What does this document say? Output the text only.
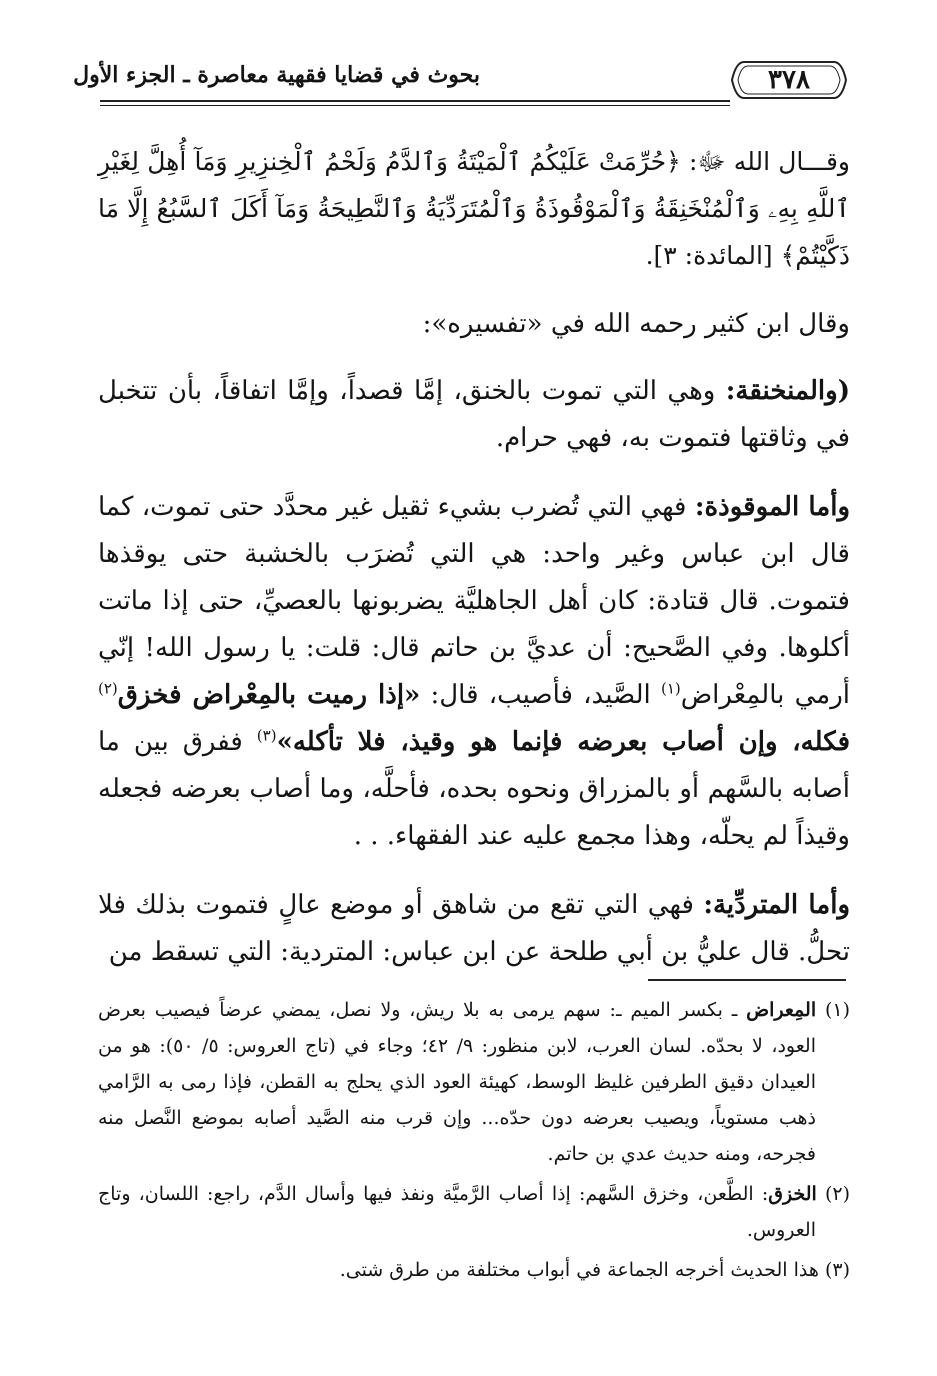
٣٧٨
بحوث في قضايا فقهية معاصرة ـ الجزء الأول

وقـــال الله ﷻ: ﴿حُرِّمَتْ عَلَيْكُمُ ٱلْمَيْتَةُ وَٱلدَّمُ وَلَحْمُ ٱلْخِنزِيرِ وَمَآ أُهِلَّ لِغَيْرِ ٱللَّهِ بِهِۦ وَٱلْمُنْخَنِقَةُ وَٱلْمَوْقُوذَةُ وَٱلْمُتَرَدِّيَةُ وَٱلنَّطِيحَةُ وَمَآ أَكَلَ ٱلسَّبُعُ إِلَّا مَا ذَكَّيْتُمْ﴾ [المائدة: ٣].

وقال ابن كثير رحمه الله في «تفسيره»:

(والمنخنقة: وهي التي تموت بالخنق، إمَّا قصداً، وإمَّا اتفاقاً، بأن تتخبل في وثاقتها فتموت به، فهي حرام.

وأما الموقوذة: فهي التي تُضرب بشيء ثقيل غير محدَّد حتى تموت، كما قال ابن عباس وغير واحد: هي التي تُضرَب بالخشبة حتى يوقذها فتموت. قال قتادة: كان أهل الجاهليَّة يضربونها بالعصيِّ، حتى إذا ماتت أكلوها. وفي الصَّحيح: أن عديَّ بن حاتم قال: قلت: يا رسول الله! إنّي أرمي بالمِعْراض$^{(١)}$ الصَّيد، فأصيب، قال: «إذا رميت بالمِعْراض فخزق$^{(٢)}$ فكله، وإن أصاب بعرضه فإنما هو وقيذ، فلا تأكله»$^{(٣)}$ ففرق بين ما أصابه بالسَّهم أو بالمزراق ونحوه بحده، فأحلَّه، وما أصاب بعرضه فجعله وقيذاً لم يحلّه، وهذا مجمع عليه عند الفقهاء. . .

وأما المتردِّية: فهي التي تقع من شاهق أو موضع عالٍ فتموت بذلك فلا تحلُّ. قال عليُّ بن أبي طلحة عن ابن عباس: المتردية: التي تسقط من

(١) المِعراض ـ بكسر الميم ـ: سهم يرمى به بلا ريش، ولا نصل، يمضي عرضاً فيصيب بعرض العود، لا بحدّه. لسان العرب، لابن منظور: ٩/ ٤٢؛ وجاء في (تاج العروس: ٥/ ٥٠): هو من العيدان دقيق الطرفين غليظ الوسط، كهيئة العود الذي يحلج به القطن، فإذا رمى به الرَّامي ذهب مستوياً، ويصيب بعرضه دون حدّه... وإن قرب منه الصَّيد أصابه بموضع النَّصل منه فجرحه، ومنه حديث عدي بن حاتم.

(٢) الخزق: الطَّعن، وخزق السَّهم: إذا أصاب الرَّميَّة ونفذ فيها وأسال الدَّم، راجع: اللسان، وتاج العروس.

(٣) هذا الحديث أخرجه الجماعة في أبواب مختلفة من طرق شتى.
